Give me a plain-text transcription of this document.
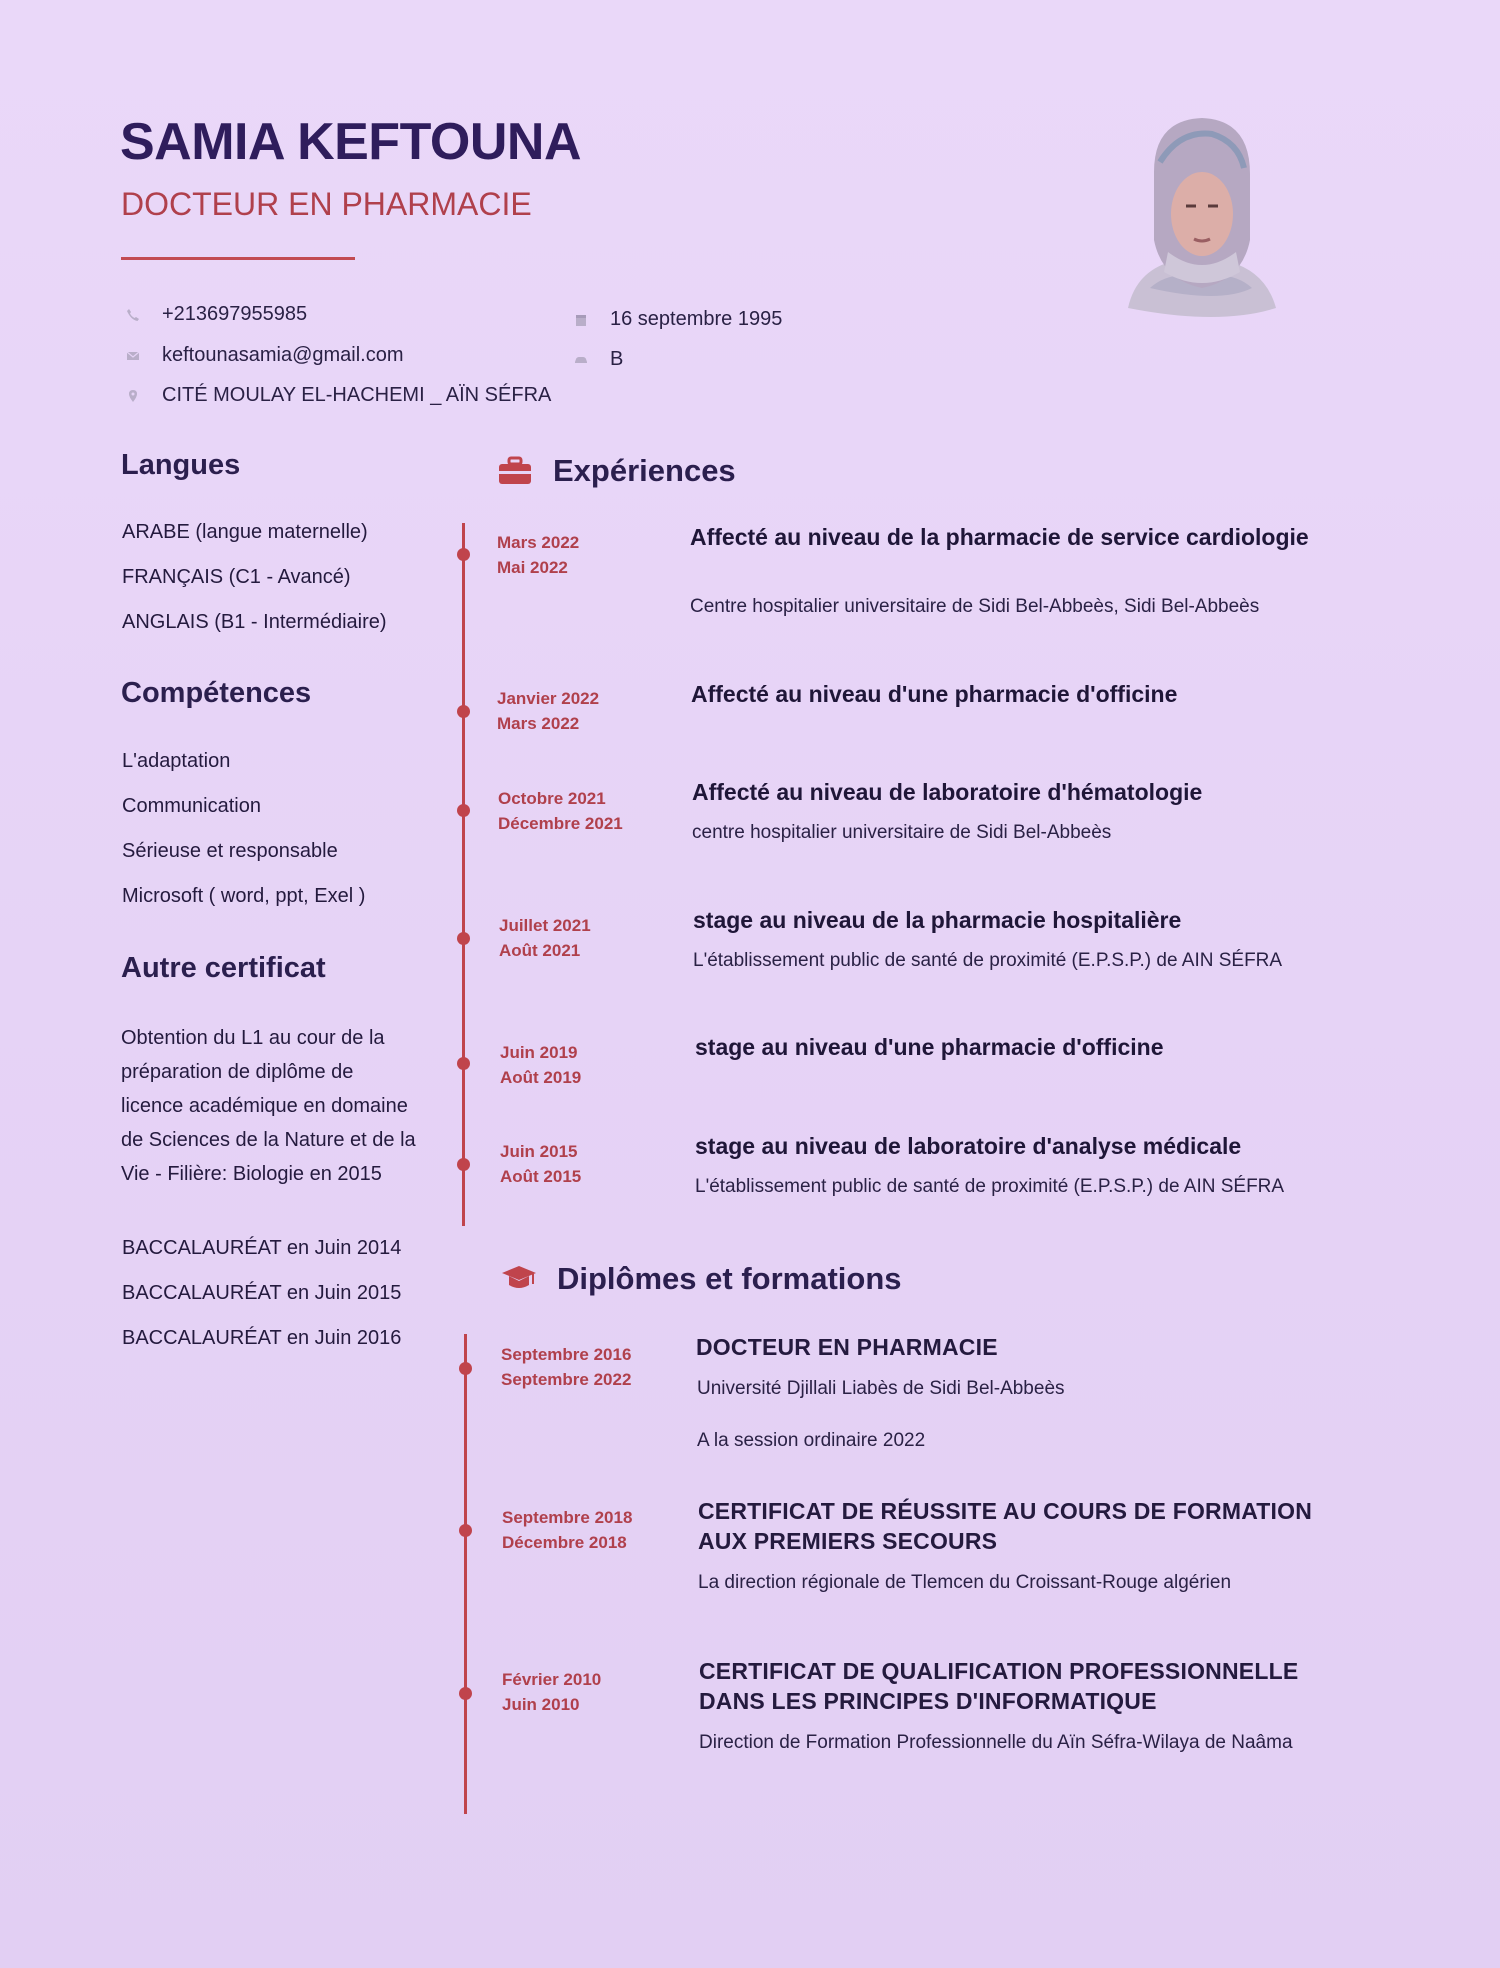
SAMIA KEFTOUNA
DOCTEUR EN PHARMACIE
+213697955985
keftounasamia@gmail.com
CITÉ MOULAY EL-HACHEMI _ AÏN SÉFRA
16 septembre 1995
B
Langues
ARABE (langue maternelle)
FRANÇAIS (C1 - Avancé)
ANGLAIS (B1 - Intermédiaire)
Compétences
L'adaptation
Communication
Sérieuse et responsable
Microsoft ( word, ppt, Exel )
Autre certificat
Obtention du L1 au cour de la préparation de diplôme de licence académique en domaine de Sciences de la Nature et de la Vie - Filière: Biologie en 2015
BACCALAURÉAT en Juin 2014
BACCALAURÉAT en Juin 2015
BACCALAURÉAT en Juin 2016
Expériences
Mars 2022
Mai 2022
Affecté au niveau de la pharmacie de service cardiologie
Centre hospitalier universitaire de Sidi Bel-Abbeès, Sidi Bel-Abbeès
Janvier 2022
Mars 2022
Affecté au niveau d'une pharmacie d'officine
Octobre 2021
Décembre 2021
Affecté au niveau de laboratoire d'hématologie
centre hospitalier universitaire de Sidi Bel-Abbeès
Juillet 2021
Août 2021
stage au niveau de la pharmacie hospitalière
L'établissement public de santé de proximité (E.P.S.P.) de AIN SÉFRA
Juin 2019
Août 2019
stage au niveau d'une pharmacie d'officine
Juin 2015
Août 2015
stage au niveau de laboratoire d'analyse médicale
L'établissement public de santé de proximité (E.P.S.P.) de AIN SÉFRA
Diplômes et formations
Septembre 2016
Septembre 2022
DOCTEUR EN PHARMACIE
Université Djillali Liabès de Sidi Bel-Abbeès
A la session ordinaire 2022
Septembre 2018
Décembre 2018
CERTIFICAT DE RÉUSSITE AU COURS DE FORMATION AUX PREMIERS SECOURS
La direction régionale de Tlemcen du Croissant-Rouge algérien
Février 2010
Juin 2010
CERTIFICAT DE QUALIFICATION PROFESSIONNELLE DANS LES PRINCIPES D'INFORMATIQUE
Direction de Formation Professionnelle du Aïn Séfra-Wilaya de Naâma
